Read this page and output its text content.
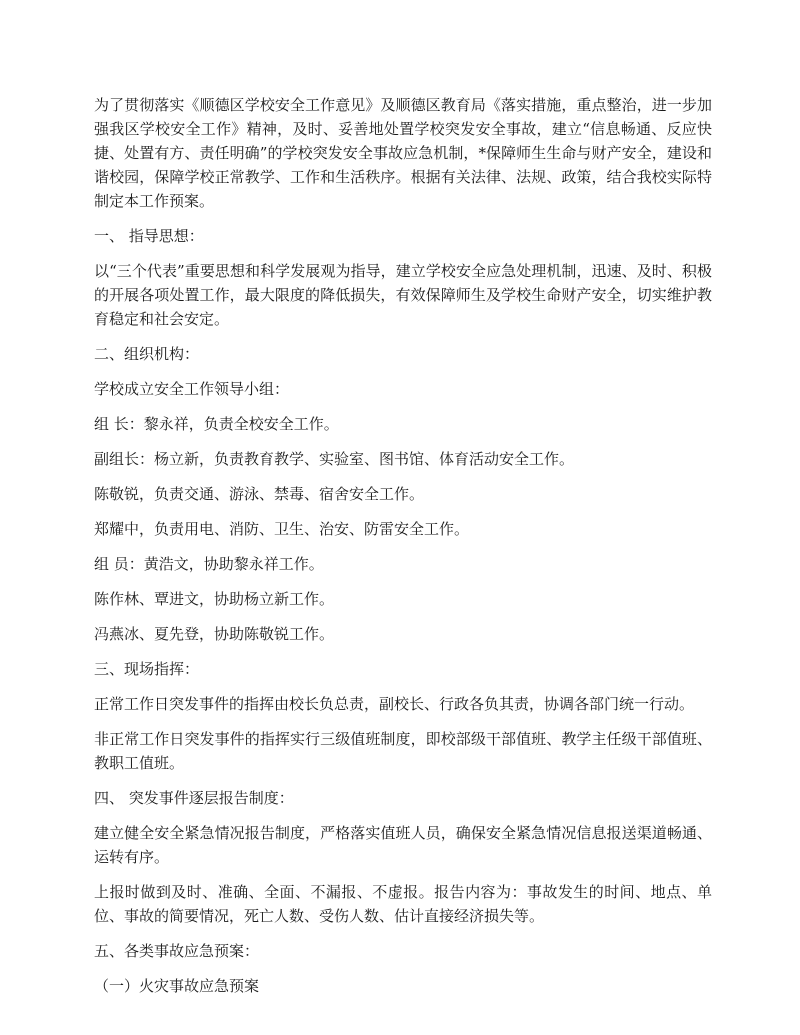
为了贯彻落实《顺德区学校安全工作意见》及顺德区教育局《落实措施，重点整治，进一步加强我区学校安全工作》精神，及时、妥善地处置学校突发安全事故，建立“信息畅通、反应快捷、处置有方、责任明确”的学校突发安全事故应急机制，*保障师生生命与财产安全，建设和谐校园，保障学校正常教学、工作和生活秩序。根据有关法律、法规、政策，结合我校实际特制定本工作预案。

一、 指导思想：

以“三个代表”重要思想和科学发展观为指导，建立学校安全应急处理机制，迅速、及时、积极的开展各项处置工作，最大限度的降低损失，有效保障师生及学校生命财产安全，切实维护教育稳定和社会安定。

二、组织机构：

学校成立安全工作领导小组：

组 长：黎永祥，负责全校安全工作。

副组长：杨立新，负责教育教学、实验室、图书馆、体育活动安全工作。

陈敬锐，负责交通、游泳、禁毒、宿舍安全工作。

郑耀中，负责用电、消防、卫生、治安、防雷安全工作。

组 员：黄浩文，协助黎永祥工作。

陈作林、覃进文，协助杨立新工作。

冯燕冰、夏先登，协助陈敬锐工作。

三、现场指挥：

正常工作日突发事件的指挥由校长负总责，副校长、行政各负其责，协调各部门统一行动。

非正常工作日突发事件的指挥实行三级值班制度，即校部级干部值班、教学主任级干部值班、教职工值班。

四、 突发事件逐层报告制度：

建立健全安全紧急情况报告制度，严格落实值班人员，确保安全紧急情况信息报送渠道畅通、运转有序。

上报时做到及时、准确、全面、不漏报、不虚报。报告内容为：事故发生的时间、地点、单位、事故的简要情况，死亡人数、受伤人数、估计直接经济损失等。

五、各类事故应急预案：

（一）火灾事故应急预案
